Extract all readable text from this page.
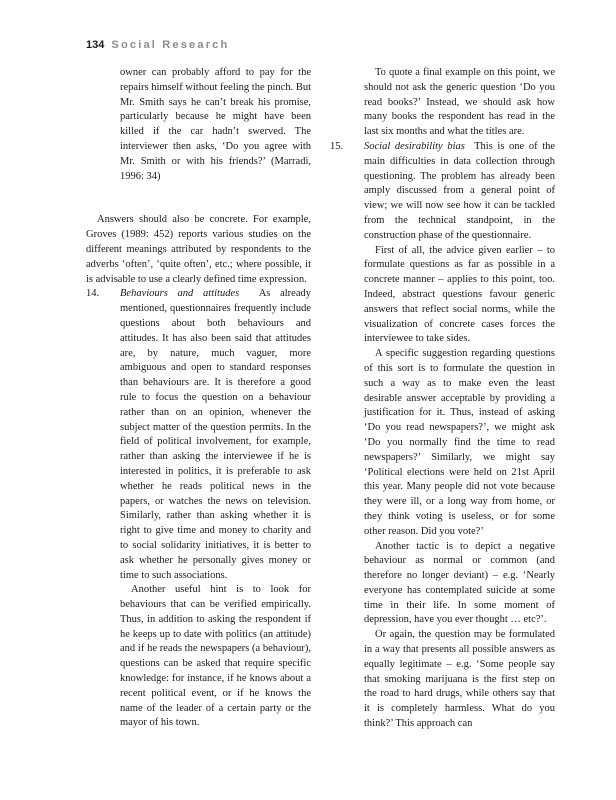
134 Social Research

owner can probably afford to pay for the repairs himself without feeling the pinch. But Mr. Smith says he can’t break his promise, particularly because he might have been killed if the car hadn’t swerved. The interviewer then asks, ‘Do you agree with Mr. Smith or with his friends?’ (Marradi, 1996: 34)

Answers should also be concrete. For example, Groves (1989: 452) reports various studies on the different meanings attributed by respondents to the adverbs ‘often’, ‘quite often’, etc.; where possible, it is advisable to use a clearly defined time expression.

14. Behaviours and attitudes As already mentioned, questionnaires frequently include questions about both behaviours and attitudes. It has also been said that attitudes are, by nature, much vaguer, more ambiguous and open to standard responses than behaviours are. It is therefore a good rule to focus the question on a behaviour rather than on an opinion, whenever the subject matter of the question permits. In the field of political involvement, for example, rather than asking the interviewee if he is interested in politics, it is preferable to ask whether he reads political news in the papers, or watches the news on television. Similarly, rather than asking whether it is right to give time and money to charity and to social solidarity initiatives, it is better to ask whether he personally gives money or time to such associations.

Another useful hint is to look for behaviours that can be verified empirically. Thus, in addition to asking the respondent if he keeps up to date with politics (an attitude) and if he reads the newspapers (a behaviour), questions can be asked that require specific knowledge: for instance, if he knows about a recent political event, or if he knows the name of the leader of a certain party or the mayor of his town.

To quote a final example on this point, we should not ask the generic question ‘Do you read books?’ Instead, we should ask how many books the respondent has read in the last six months and what the titles are.

15. Social desirability bias This is one of the main difficulties in data collection through questioning. The problem has already been amply discussed from a general point of view; we will now see how it can be tackled from the technical standpoint, in the construction phase of the questionnaire.

First of all, the advice given earlier – to formulate questions as far as possible in a concrete manner – applies to this point, too. Indeed, abstract questions favour generic answers that reflect social norms, while the visualization of concrete cases forces the interviewee to take sides.

A specific suggestion regarding questions of this sort is to formulate the question in such a way as to make even the least desirable answer acceptable by providing a justification for it. Thus, instead of asking ‘Do you read newspapers?’, we might ask ‘Do you normally find the time to read newspapers?’ Similarly, we might say ‘Political elections were held on 21st April this year. Many people did not vote because they were ill, or a long way from home, or they think voting is useless, or for some other reason. Did you vote?’

Another tactic is to depict a negative behaviour as normal or common (and therefore no longer deviant) – e.g. ‘Nearly everyone has contemplated suicide at some time in their life. In some moment of depression, have you ever thought … etc?’.

Or again, the question may be formulated in a way that presents all possible answers as equally legitimate – e.g. ‘Some people say that smoking marijuana is the first step on the road to hard drugs, while others say that it is completely harmless. What do you think?’ This approach can
